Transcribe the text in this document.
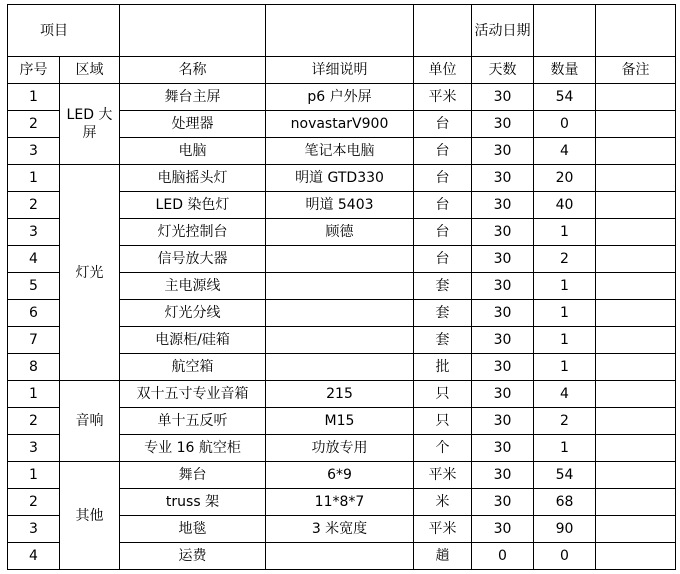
项目					活动日期		
序号	区域	名称	详细说明	单位	天数	数量	备注
1	LED 大屏	舞台主屏	p6 户外屏	平米	30	54	
2		处理器	novastarV900	台	30	0	
3		电脑	笔记本电脑	台	30	4	
1	灯光	电脑摇头灯	明道 GTD330	台	30	20	
2		LED 染色灯	明道 5403	台	30	40	
3		灯光控制台	顾德	台	30	1	
4		信号放大器		台	30	2	
5		主电源线		套	30	1	
6		灯光分线		套	30	1	
7		电源柜/硅箱		套	30	1	
8		航空箱		批	30	1	
1	音响	双十五寸专业音箱	215	只	30	4	
2		单十五反听	M15	只	30	2	
3		专业 16 航空柜	功放专用	个	30	1	
1	其他	舞台	6*9	平米	30	54	
2		truss 架	11*8*7	米	30	68	
3		地毯	3 米宽度	平米	30	90	
4		运费		趟	0	0	
